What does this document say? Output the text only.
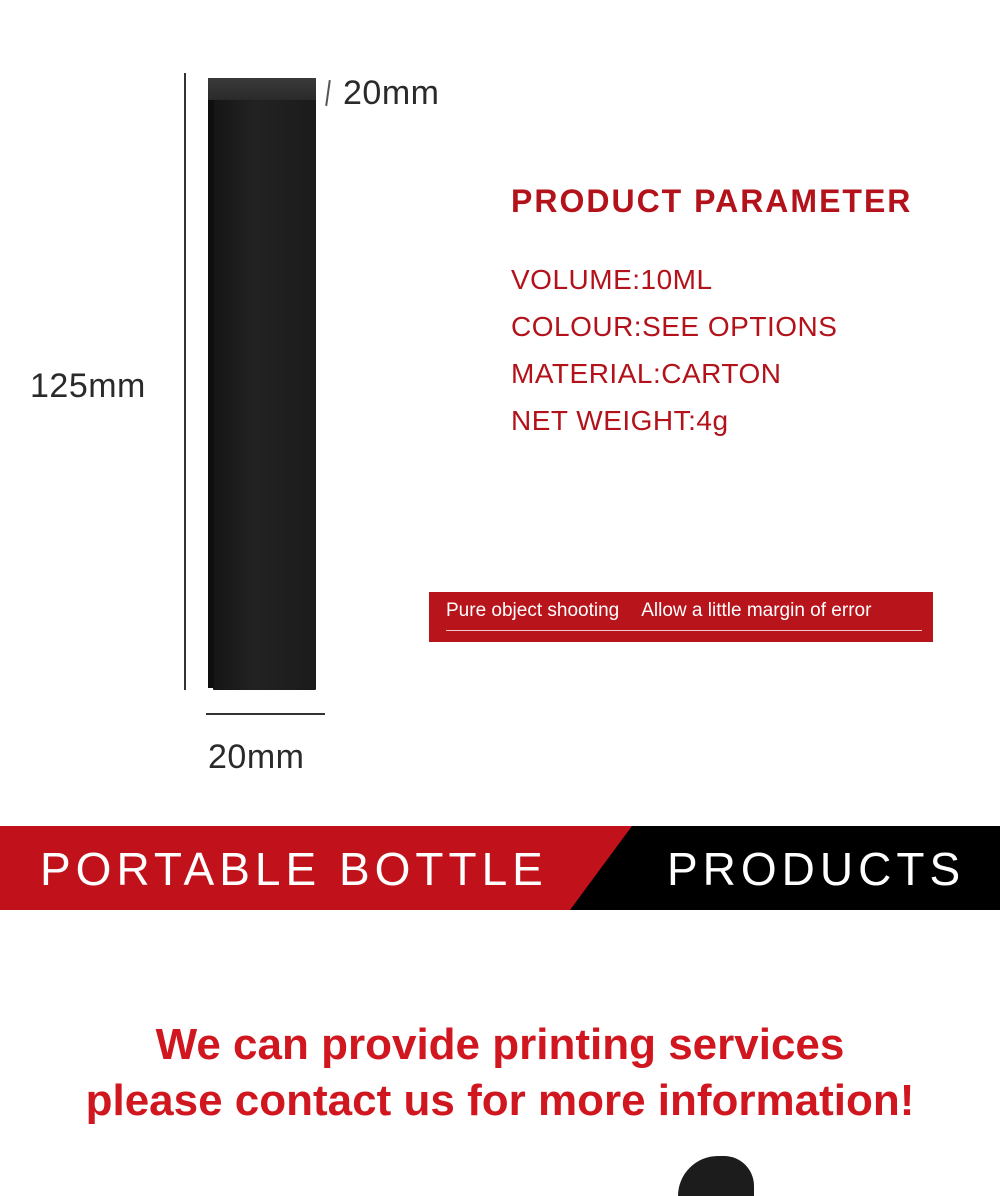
20mm
125mm
20mm
PRODUCT PARAMETER
VOLUME:10ML
COLOUR:SEE OPTIONS
MATERIAL:CARTON
NET WEIGHT:4g
Pure object shooting Allow a little margin of error
PORTABLE BOTTLE	PRODUCTS
We can provide printing services
please contact us for more information!
